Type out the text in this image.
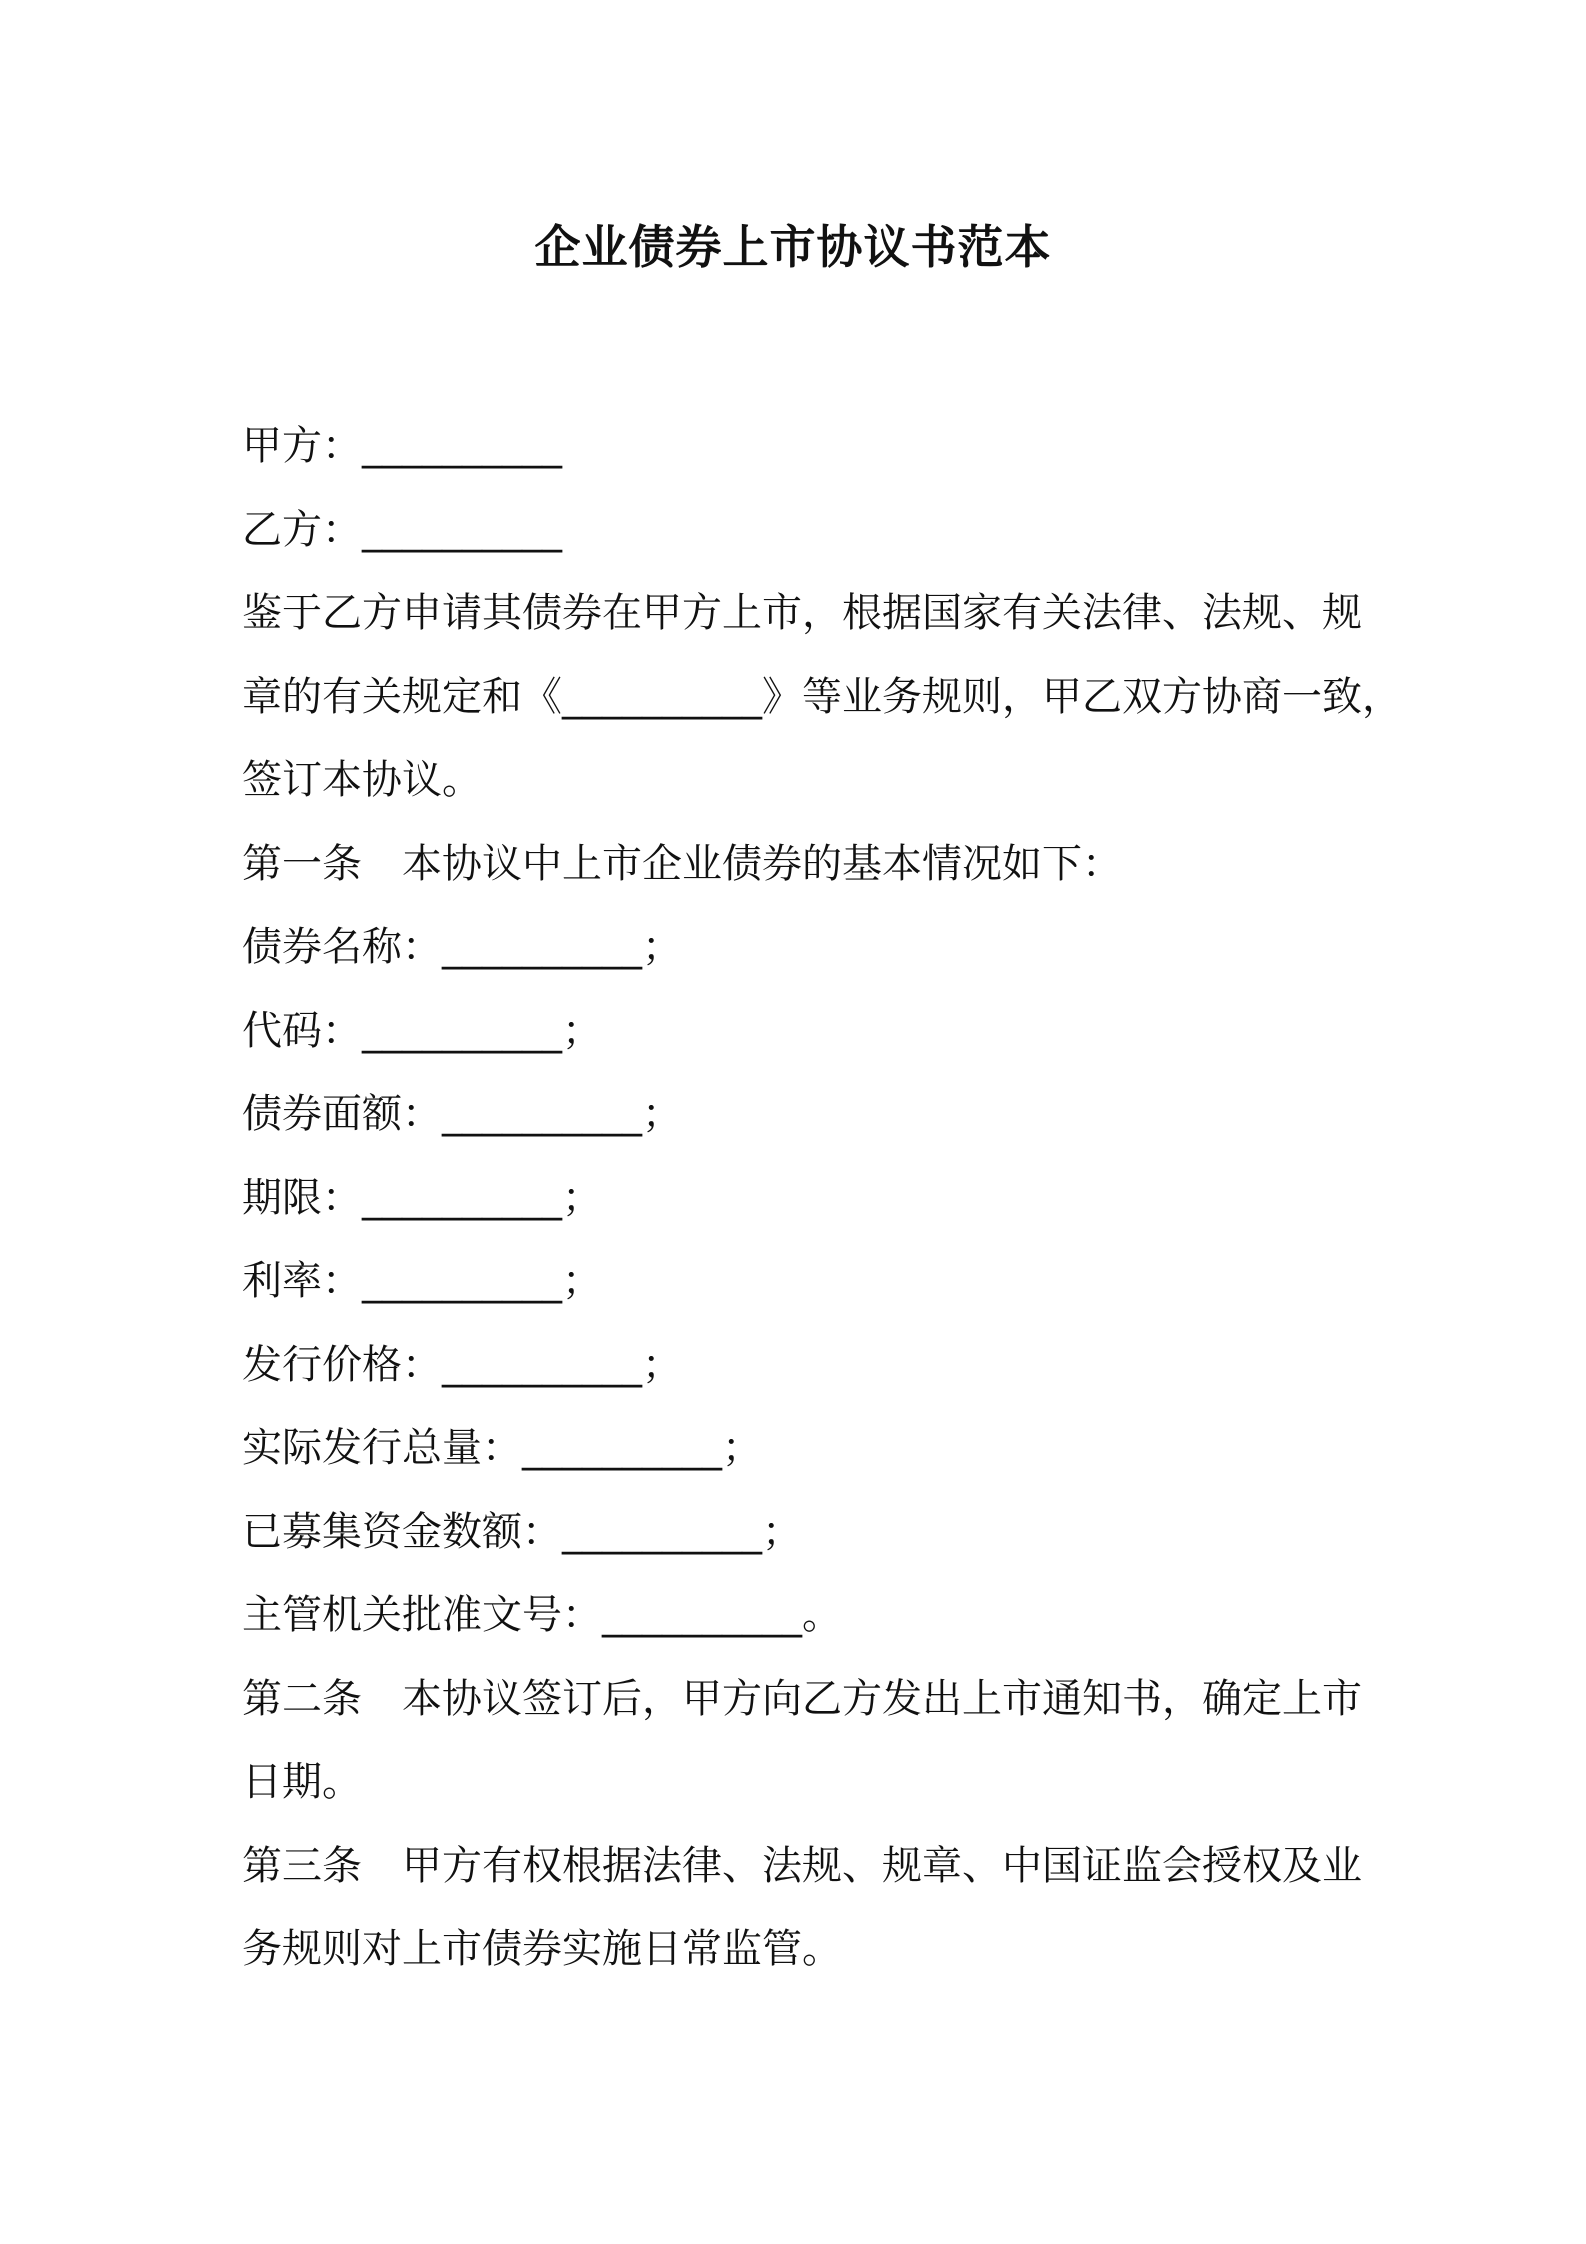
企业债券上市协议书范本
甲方：__________
乙方：__________
鉴于乙方申请其债券在甲方上市，根据国家有关法律、法规、规
章的有关规定和《__________》等业务规则，甲乙双方协商一致，
签订本协议。
第一条　本协议中上市企业债券的基本情况如下：
债券名称：__________；
代码：__________；
债券面额：__________；
期限：__________；
利率：__________；
发行价格：__________；
实际发行总量：__________；
已募集资金数额：__________；
主管机关批准文号：__________。
第二条　本协议签订后，甲方向乙方发出上市通知书，确定上市
日期。
第三条　甲方有权根据法律、法规、规章、中国证监会授权及业
务规则对上市债券实施日常监管。
